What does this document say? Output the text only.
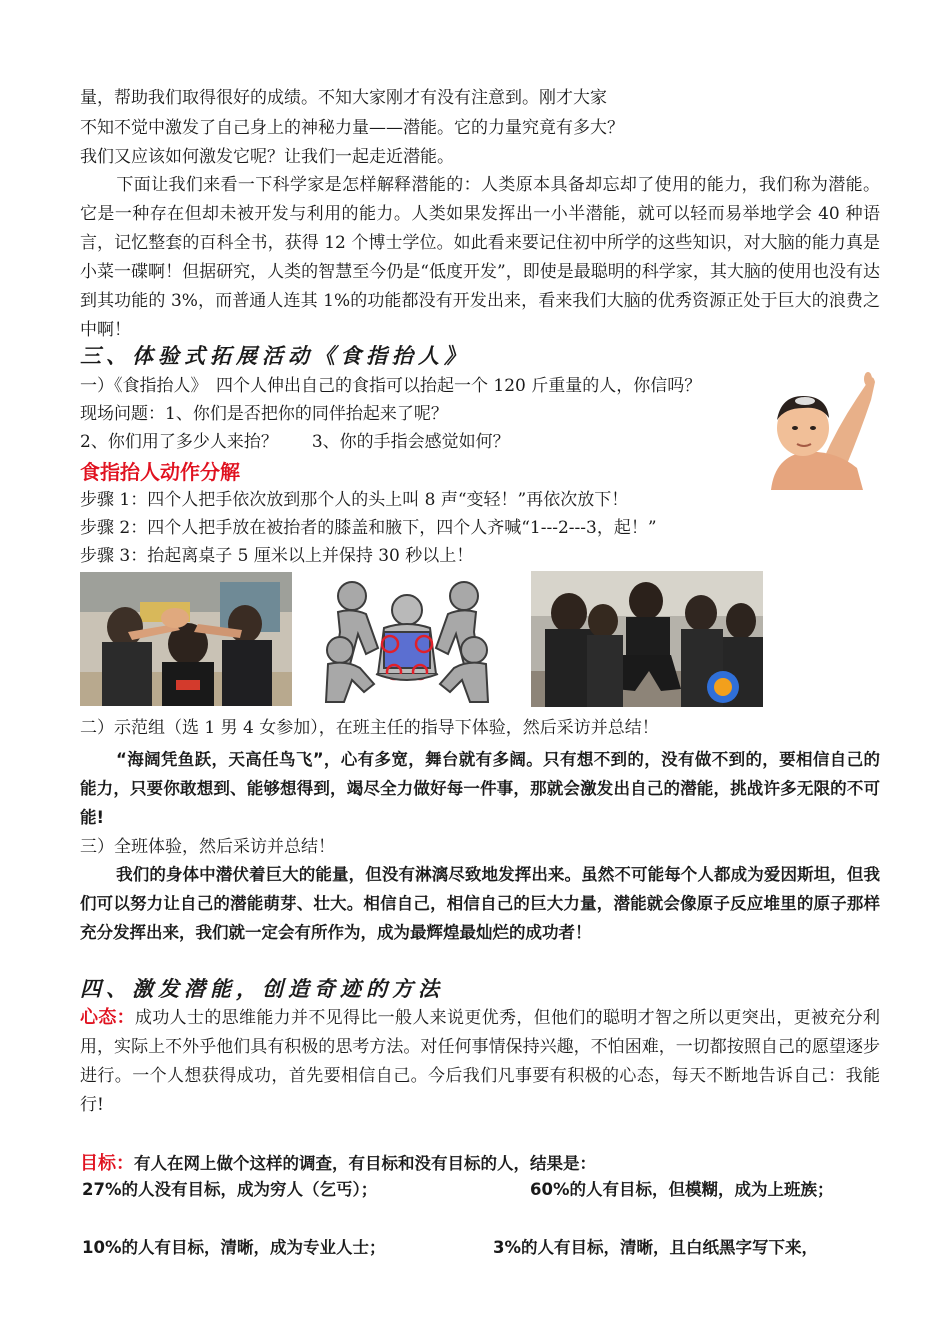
量，帮助我们取得很好的成绩。不知大家刚才有没有注意到。刚才大家
不知不觉中激发了自己身上的神秘力量——潜能。它的力量究竟有多大？
我们又应该如何激发它呢？让我们一起走近潜能。
下面让我们来看一下科学家是怎样解释潜能的：人类原本具备却忘却了使用的能力，我们称为潜能。它是一种存在但却未被开发与利用的能力。人类如果发挥出一小半潜能，就可以轻而易举地学会 40 种语言，记忆整套的百科全书，获得 12 个博士学位。如此看来要记住初中所学的这些知识，对大脑的能力真是小菜一碟啊！但据研究，人类的智慧至今仍是“低度开发”，即使是最聪明的科学家，其大脑的使用也没有达到其功能的 3%，而普通人连其 1%的功能都没有开发出来，看来我们大脑的优秀资源正处于巨大的浪费之中啊！
三、体验式拓展活动《食指抬人》
一）《食指抬人》　四个人伸出自己的食指可以抬起一个 120 斤重量的人，你信吗？
现场问题：1、你们是否把你的同伴抬起来了呢？
2、你们用了多少人来抬？　　3、你的手指会感觉如何？
食指抬人动作分解
步骤 1：四个人把手依次放到那个人的头上叫 8 声“变轻！”再依次放下！
步骤 2：四个人把手放在被抬者的膝盖和腋下，四个人齐喊“1---2---3，起！”
步骤 3：抬起离桌子 5 厘米以上并保持 30 秒以上！
二）示范组（选 1 男 4 女参加），在班主任的指导下体验，然后采访并总结！
“海阔凭鱼跃，天高任鸟飞”，心有多宽，舞台就有多阔。只有想不到的，没有做不到的，要相信自己的能力，只要你敢想到、能够想得到，竭尽全力做好每一件事，那就会激发出自己的潜能，挑战许多无限的不可能!
三）全班体验，然后采访并总结！
我们的身体中潜伏着巨大的能量，但没有淋漓尽致地发挥出来。虽然不可能每个人都成为爱因斯坦，但我们可以努力让自己的潜能萌芽、壮大。相信自己，相信自己的巨大力量，潜能就会像原子反应堆里的原子那样充分发挥出来，我们就一定会有所作为，成为最辉煌最灿烂的成功者！
四、激发潜能，创造奇迹的方法
心态：成功人士的思维能力并不见得比一般人来说更优秀，但他们的聪明才智之所以更突出，更被充分利用，实际上不外乎他们具有积极的思考方法。对任何事情保持兴趣，不怕困难，一切都按照自己的愿望逐步进行。一个人想获得成功，首先要相信自己。今后我们凡事要有积极的心态，每天不断地告诉自己：我能行!
目标：有人在网上做个这样的调查，有目标和没有目标的人，结果是：
27%的人没有目标，成为穷人（乞丐）；	60%的人有目标，但模糊，成为上班族；
10%的人有目标，清晰，成为专业人士；	3%的人有目标，清晰，且白纸黑字写下来，
